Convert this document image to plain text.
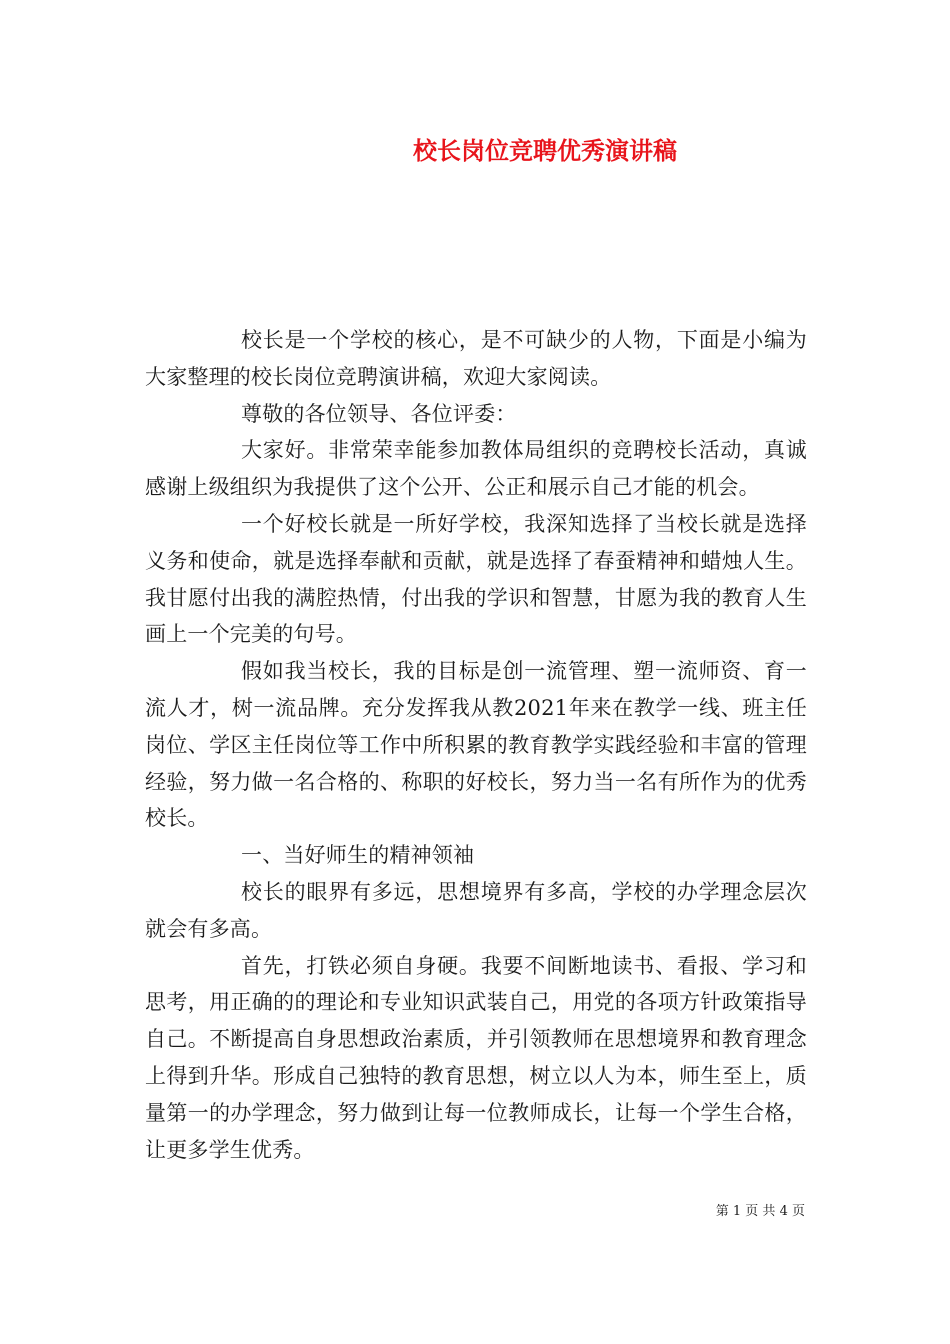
校长岗位竞聘优秀演讲稿

校长是一个学校的核心，是不可缺少的人物，下面是小编为大家整理的校长岗位竞聘演讲稿，欢迎大家阅读。

尊敬的各位领导、各位评委：

大家好。非常荣幸能参加教体局组织的竞聘校长活动，真诚感谢上级组织为我提供了这个公开、公正和展示自己才能的机会。

一个好校长就是一所好学校，我深知选择了当校长就是选择义务和使命，就是选择奉献和贡献，就是选择了春蚕精神和蜡烛人生。我甘愿付出我的满腔热情，付出我的学识和智慧，甘愿为我的教育人生画上一个完美的句号。

假如我当校长，我的目标是创一流管理、塑一流师资、育一流人才，树一流品牌。充分发挥我从教2021年来在教学一线、班主任岗位、学区主任岗位等工作中所积累的教育教学实践经验和丰富的管理经验，努力做一名合格的、称职的好校长，努力当一名有所作为的优秀校长。

一、当好师生的精神领袖

校长的眼界有多远，思想境界有多高，学校的办学理念层次就会有多高。

首先，打铁必须自身硬。我要不间断地读书、看报、学习和思考，用正确的的理论和专业知识武装自己，用党的各项方针政策指导自己。不断提高自身思想政治素质，并引领教师在思想境界和教育理念上得到升华。形成自己独特的教育思想，树立以人为本，师生至上，质量第一的办学理念，努力做到让每一位教师成长，让每一个学生合格，让更多学生优秀。

第 1 页 共 4 页
